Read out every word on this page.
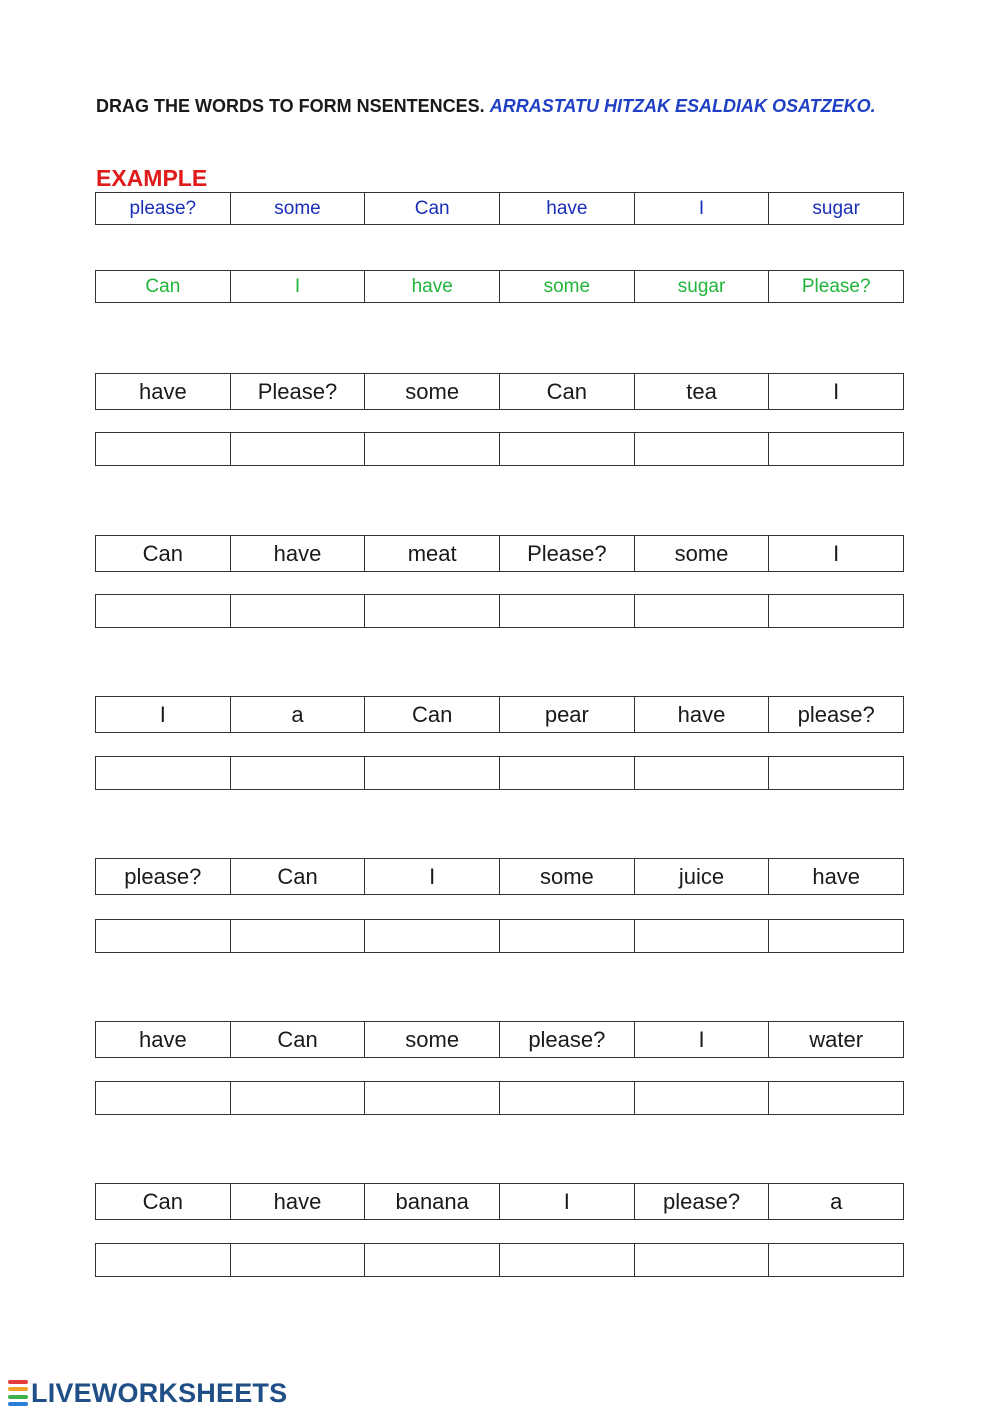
DRAG THE WORDS TO FORM NSENTENCES. ARRASTATU HITZAK ESALDIAK OSATZEKO.
EXAMPLE
please?	some	Can	have	I	sugar
Can	I	have	some	sugar	Please?
have	Please?	some	Can	tea	I
Can	have	meat	Please?	some	I
I	a	Can	pear	have	please?
please?	Can	I	some	juice	have
have	Can	some	please?	I	water
Can	have	banana	I	please?	a
LIVEWORKSHEETS
